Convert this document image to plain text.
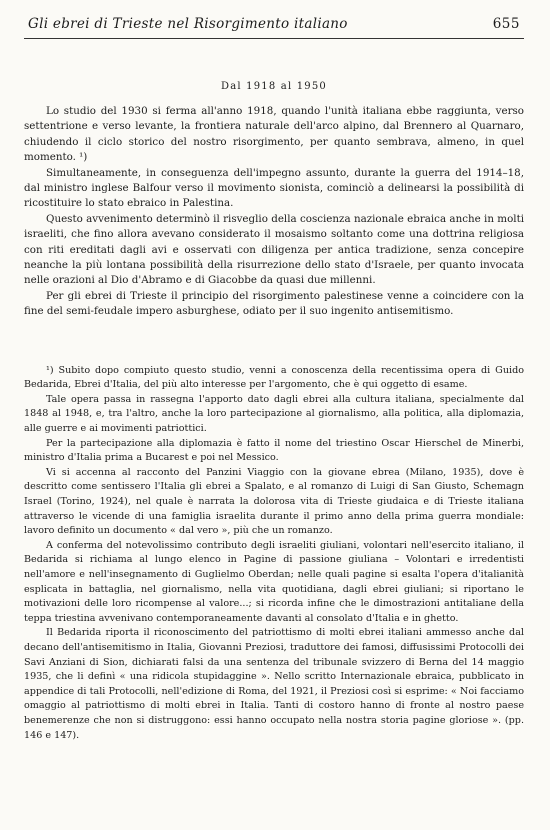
Gli ebrei di Trieste nel Risorgimento italiano	655
Dal 1918 al 1950

Lo studio del 1930 si ferma all'anno 1918, quando l'unità italiana ebbe raggiunta, verso settentrione e verso levante, la frontiera naturale dell'arco alpino, dal Brennero al Quarnaro, chiudendo il ciclo storico del nostro risorgimento, per quanto sembrava, almeno, in quel momento. ¹)

Simultaneamente, in conseguenza dell'impegno assunto, durante la guerra del 1914–18, dal ministro inglese Balfour verso il movimento sionista, cominciò a delinearsi la possibilità di ricostituire lo stato ebraico in Palestina.

Questo avvenimento determinò il risveglio della coscienza nazionale ebraica anche in molti israeliti, che fino allora avevano considerato il mosaismo soltanto come una dottrina religiosa con riti ereditati dagli avi e osservati con diligenza per antica tradizione, senza concepire neanche la più lontana possibilità della risurrezione dello stato d'Israele, per quanto invocata nelle orazioni al Dio d'Abramo e di Giacobbe da quasi due millenni.

Per gli ebrei di Trieste il principio del risorgimento palestinese venne a coincidere con la fine del semi-feudale impero asburghese, odiato per il suo ingenito antisemitismo.

¹) Subito dopo compiuto questo studio, venni a conoscenza della recentissima opera di Guido Bedarida, Ebrei d'Italia, del più alto interesse per l'argomento, che è qui oggetto di esame.

Tale opera passa in rassegna l'apporto dato dagli ebrei alla cultura italiana, specialmente dal 1848 al 1948, e, tra l'altro, anche la loro partecipazione al giornalismo, alla politica, alla diplomazia, alle guerre e ai movimenti patriottici.

Per la partecipazione alla diplomazia è fatto il nome del triestino Oscar Hierschel de Minerbi, ministro d'Italia prima a Bucarest e poi nel Messico.

Vi si accenna al racconto del Panzini Viaggio con la giovane ebrea (Milano, 1935), dove è descritto come sentissero l'Italia gli ebrei a Spalato, e al romanzo di Luigi di San Giusto, Schemagn Israel (Torino, 1924), nel quale è narrata la dolorosa vita di Trieste giudaica e di Trieste italiana attraverso le vicende di una famiglia israelita durante il primo anno della prima guerra mondiale: lavoro definito un documento « dal vero », più che un romanzo.

A conferma del notevolissimo contributo degli israeliti giuliani, volontari nell'esercito italiano, il Bedarida si richiama al lungo elenco in Pagine di passione giuliana – Volontari e irredentisti nell'amore e nell'insegnamento di Guglielmo Oberdan; nelle quali pagine si esalta l'opera d'italianità esplicata in battaglia, nel giornalismo, nella vita quotidiana, dagli ebrei giuliani; si riportano le motivazioni delle loro ricompense al valore...; si ricorda infine che le dimostrazioni antitaliane della teppa triestina avvenivano contemporaneamente davanti al consolato d'Italia e in ghetto.

Il Bedarida riporta il riconoscimento del patriottismo di molti ebrei italiani ammesso anche dal decano dell'antisemitismo in Italia, Giovanni Preziosi, traduttore dei famosi, diffusissimi Protocolli dei Savi Anziani di Sion, dichiarati falsi da una sentenza del tribunale svizzero di Berna del 14 maggio 1935, che li definì « una ridicola stupidaggine ». Nello scritto Internazionale ebraica, pubblicato in appendice di tali Protocolli, nell'edizione di Roma, del 1921, il Preziosi così si esprime: « Noi facciamo omaggio al patriottismo di molti ebrei in Italia. Tanti di costoro hanno di fronte al nostro paese benemerenze che non si distruggono: essi hanno occupato nella nostra storia pagine gloriose ». (pp. 146 e 147).
